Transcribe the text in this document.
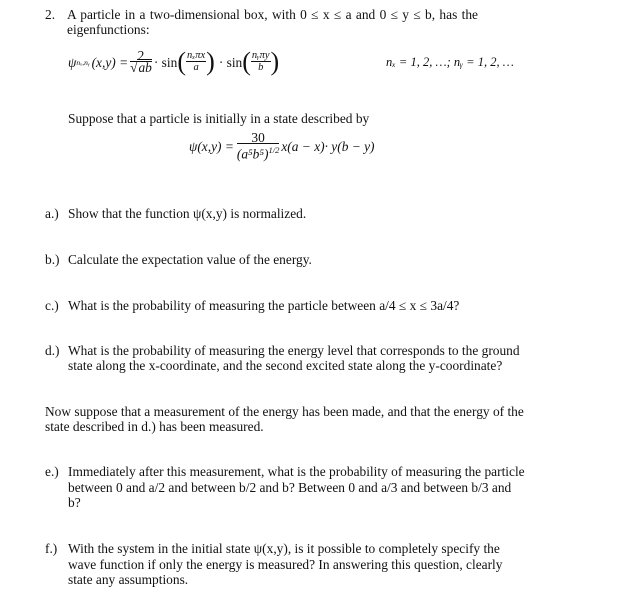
2. A particle in a two-dimensional box, with 0 ≤ x ≤ a and 0 ≤ y ≤ b, has the
eigenfunctions:
ψ nₓ,nᵧ $(x,y) = \frac{2}{√ab} \cdot \sin$ ( $\frac{\text{nₓπx}}{a}$ ) · sin ( $\frac{\text{nᵧπy}}{b}$ )	nₓ = 1, 2, …; nᵧ = 1, 2, …
Suppose that a particle is initially in a state described by
$\psi(x,y) = \frac{30}{(a^5b^5)^{1/2}} x(a - x)\cdot y(b - y)$
a.) Show that the function ψ(x,y) is normalized.
b.) Calculate the expectation value of the energy.
c.) What is the probability of measuring the particle between a/4 ≤ x ≤ 3a/4?
d.) What is the probability of measuring the energy level that corresponds to the ground
state along the x-coordinate, and the second excited state along the y-coordinate?
Now suppose that a measurement of the energy has been made, and that the energy of the
state described in d.) has been measured.
e.) Immediately after this measurement, what is the probability of measuring the particle
between 0 and a/2 and between b/2 and b? Between 0 and a/3 and between b/3 and
b?
f.) With the system in the initial state ψ(x,y), is it possible to completely specify the
wave function if only the energy is measured? In answering this question, clearly
state any assumptions.
